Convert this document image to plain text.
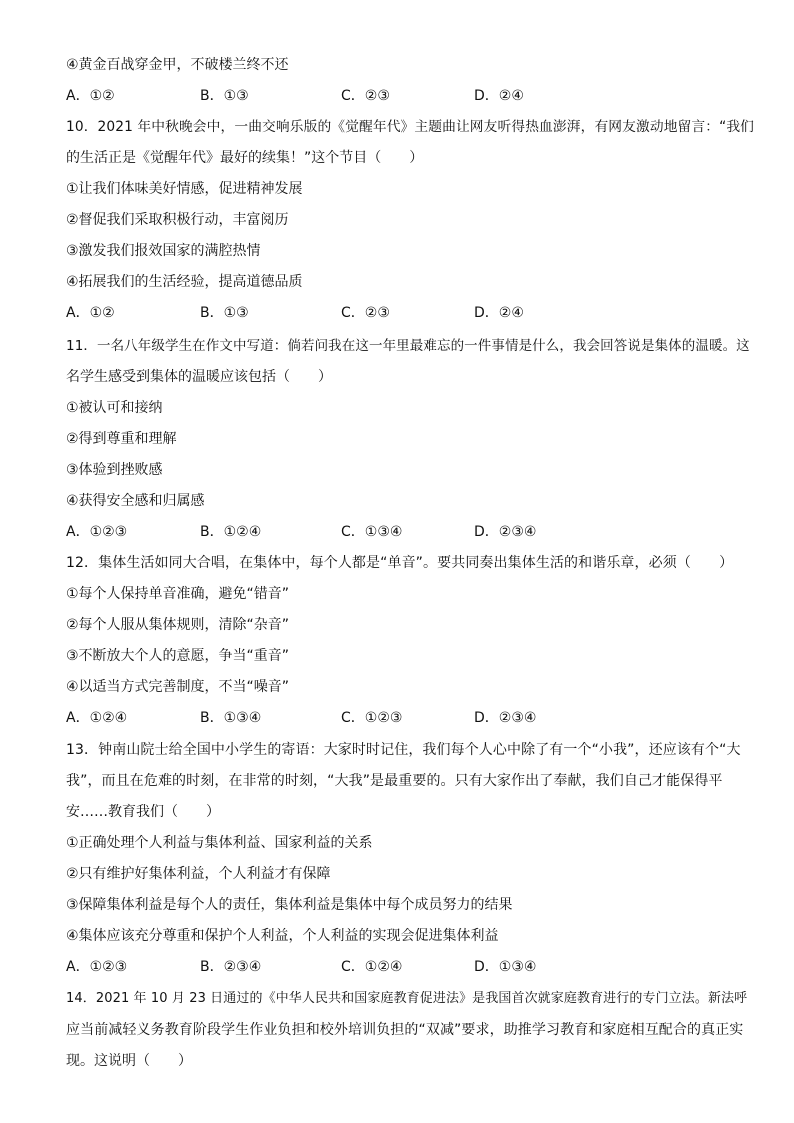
④黄金百战穿金甲，不破楼兰终不还
A．①②	B．①③	C．②③	D．②④
10．2021 年中秋晚会中，一曲交响乐版的《觉醒年代》主题曲让网友听得热血澎湃，有网友激动地留言：“我们
的生活正是《觉醒年代》最好的续集！”这个节目（　　）
①让我们体味美好情感，促进精神发展
②督促我们采取积极行动，丰富阅历
③激发我们报效国家的满腔热情
④拓展我们的生活经验，提高道德品质
A．①②	B．①③	C．②③	D．②④
11．一名八年级学生在作文中写道：倘若问我在这一年里最难忘的一件事情是什么，我会回答说是集体的温暖。这
名学生感受到集体的温暖应该包括（　　）
①被认可和接纳
②得到尊重和理解
③体验到挫败感
④获得安全感和归属感
A．①②③	B．①②④	C．①③④	D．②③④
12．集体生活如同大合唱，在集体中，每个人都是“单音”。要共同奏出集体生活的和谐乐章，必须（　　）
①每个人保持单音准确，避免“错音”
②每个人服从集体规则，清除“杂音”
③不断放大个人的意愿，争当“重音”
④以适当方式完善制度，不当“噪音”
A．①②④	B．①③④	C．①②③	D．②③④
13．钟南山院士给全国中小学生的寄语：大家时时记住，我们每个人心中除了有一个“小我”，还应该有个“大
我”，而且在危难的时刻，在非常的时刻，“大我”是最重要的。只有大家作出了奉献，我们自己才能保得平
安……教育我们（　　）
①正确处理个人利益与集体利益、国家利益的关系
②只有维护好集体利益，个人利益才有保障
③保障集体利益是每个人的责任，集体利益是集体中每个成员努力的结果
④集体应该充分尊重和保护个人利益，个人利益的实现会促进集体利益
A．①②③	B．②③④	C．①②④	D．①③④
14．2021 年 10 月 23 日通过的《中华人民共和国家庭教育促进法》是我国首次就家庭教育进行的专门立法。新法呼
应当前减轻义务教育阶段学生作业负担和校外培训负担的“双减”要求，助推学习教育和家庭相互配合的真正实
现。这说明（　　）
